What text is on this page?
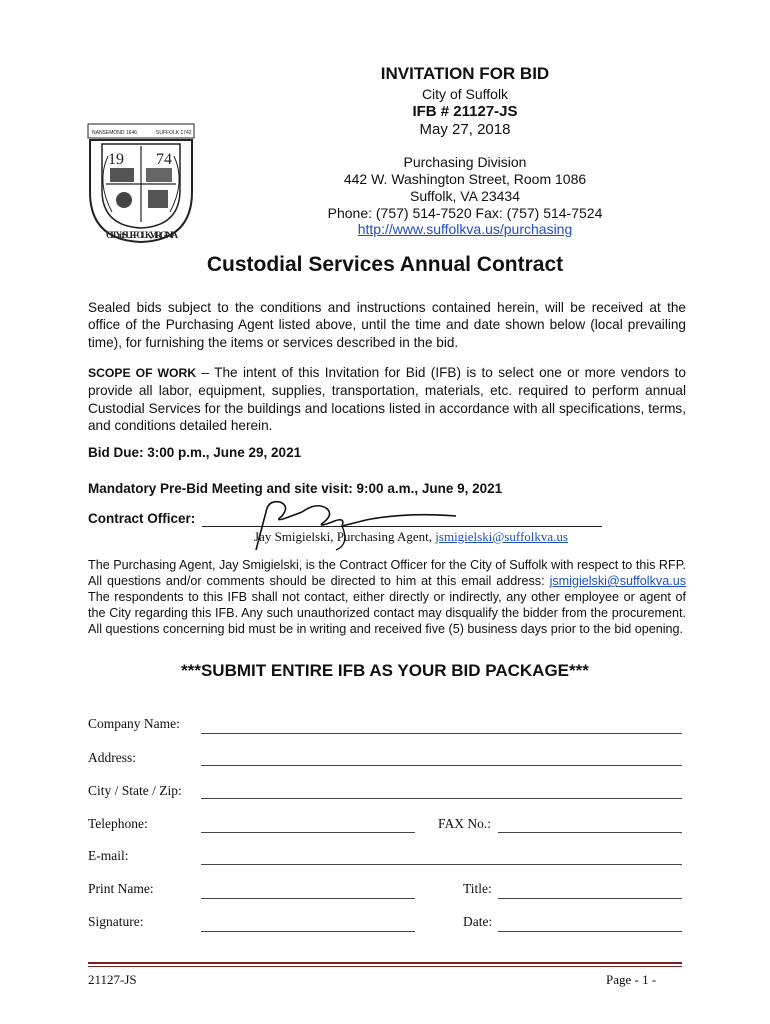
NANSEMOND 1646	SUFFOLK 1742
19 74
CITY of SUFFOLK, VIRGINIA
INVITATION FOR BID
City of Suffolk
IFB # 21127-JS
May 27, 2018
Purchasing Division
442 W. Washington Street, Room 1086
Suffolk, VA 23434
Phone: (757) 514-7520 Fax: (757) 514-7524
http://www.suffolkva.us/purchasing
Custodial Services Annual Contract
Sealed bids subject to the conditions and instructions contained herein, will be received at the office of the Purchasing Agent listed above, until the time and date shown below (local prevailing time), for furnishing the items or services described in the bid.
SCOPE OF WORK – The intent of this Invitation for Bid (IFB) is to select one or more vendors to provide all labor, equipment, supplies, transportation, materials, etc. required to perform annual Custodial Services for the buildings and locations listed in accordance with all specifications, terms, and conditions detailed herein.
Bid Due: 3:00 p.m., June 29, 2021
Mandatory Pre-Bid Meeting and site visit: 9:00 a.m., June 9, 2021
Contract Officer:
Jay Smigielski, Purchasing Agent, jsmigielski@suffolkva.us
The Purchasing Agent, Jay Smigielski, is the Contract Officer for the City of Suffolk with respect to this RFP. All questions and/or comments should be directed to him at this email address: jsmigielski@suffolkva.us The respondents to this IFB shall not contact, either directly or indirectly, any other employee or agent of the City regarding this IFB. Any such unauthorized contact may disqualify the bidder from the procurement. All questions concerning bid must be in writing and received five (5) business days prior to the bid opening.
***SUBMIT ENTIRE IFB AS YOUR BID PACKAGE***
Company Name:
Address:
City / State / Zip:
Telephone:	FAX No.:
E-mail:
Print Name:	Title:
Signature:	Date:
21127-JS	Page - 1 -
